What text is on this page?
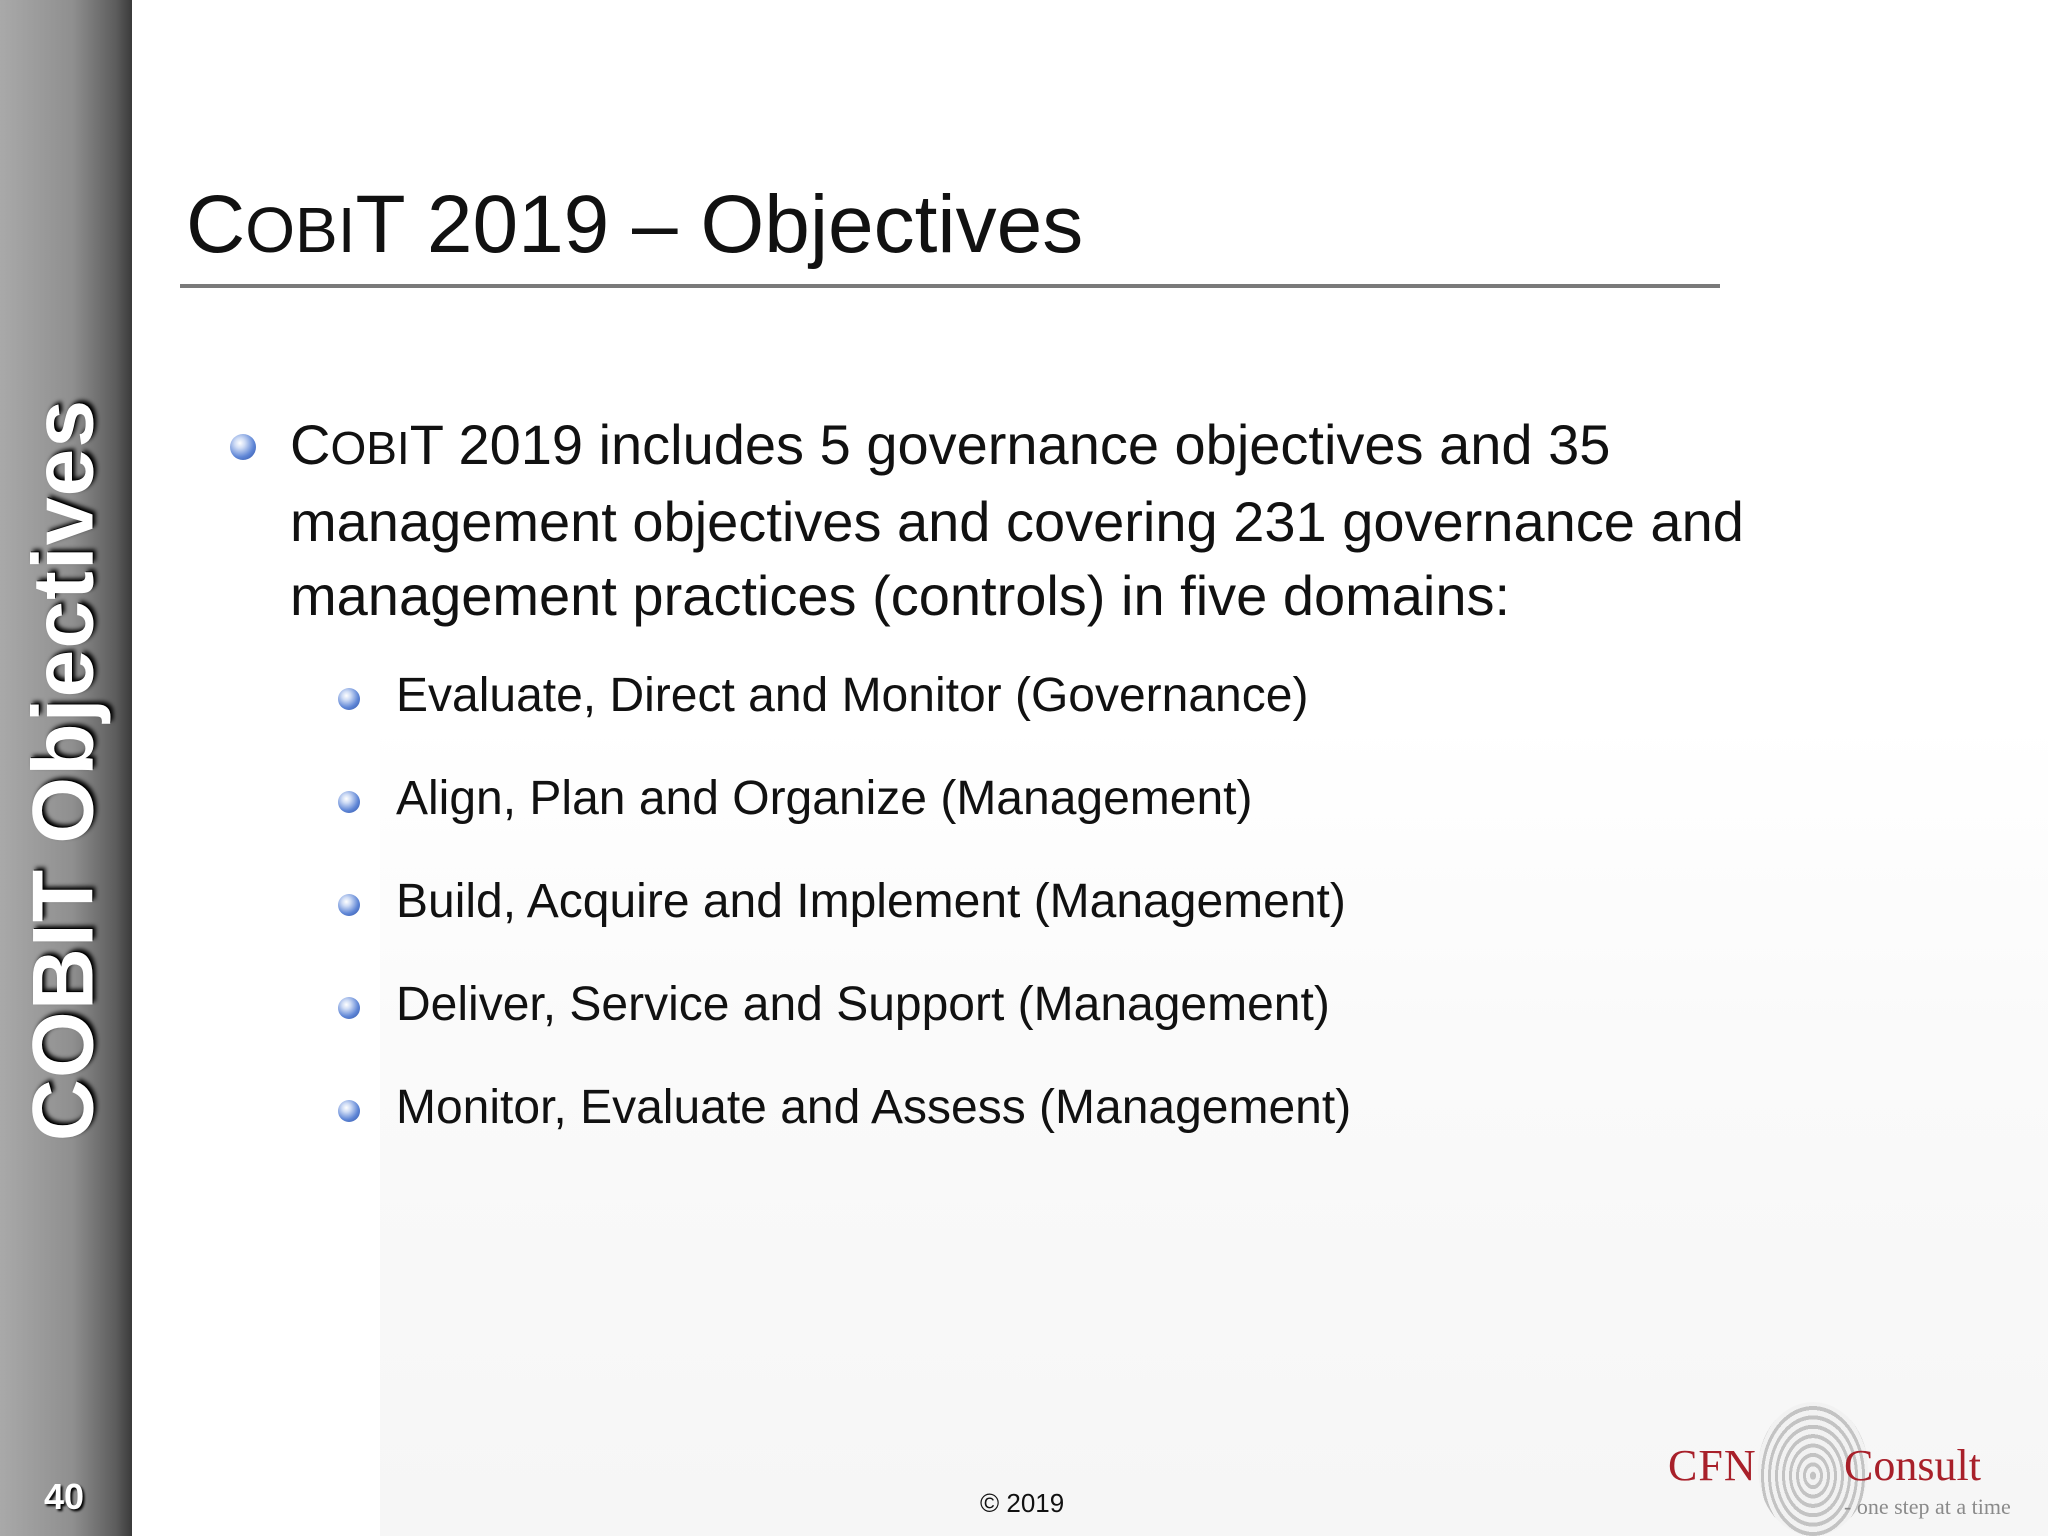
COBIT Objectives
40
COBIT 2019 – Objectives
COBIT 2019 includes 5 governance objectives and 35 management objectives and covering 231 governance and management practices (controls) in five domains:
Evaluate, Direct and Monitor (Governance)
Align, Plan and Organize (Management)
Build, Acquire and Implement (Management)
Deliver, Service and Support (Management)
Monitor, Evaluate and Assess (Management)
© 2019
CFN Consult
- one step at a time
